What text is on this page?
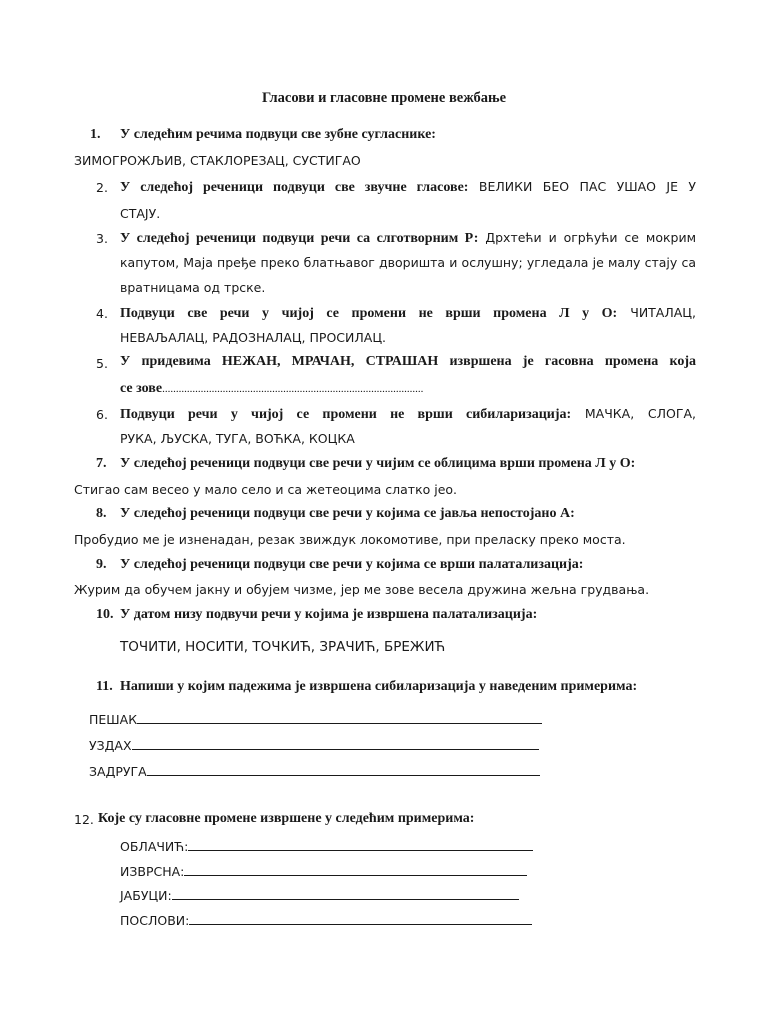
Гласови и гласовне промене вежбање
1. У следећим речима подвуци све зубне сугласнике:
ЗИМОГРОЖЉИВ, СТАКЛОРЕЗАЦ, СУСТИГАО
2. У следећој реченици подвуци све звучне гласове: ВЕЛИКИ БЕО ПАС УШАО ЈЕ У
СТАЈУ.
3. У следећој реченици подвуци речи са слготворним Р: Дрхтећи и огрћући се мокрим
капутом, Маја пређе преко блатњавог дворишта и ослушну; угледала је малу стају са
вратницама од трске.
4. Подвуци све речи у чијој се промени не врши промена Л у О: ЧИТАЛАЦ,
НЕВАЉАЛАЦ, РАДОЗНАЛАЦ, ПРОСИЛАЦ.
5. У придевима НЕЖАН, МРАЧАН, СТРАШАН извршена је гасовна промена која
се зове...............................................................................................
6. Подвуци речи у чијој се промени не врши сибиларизација: МАЧКА, СЛОГА,
РУКА, ЉУСКА, ТУГА, ВОЋКА, КОЦКА
7. У следећој реченици подвуци све речи у чијим се облицима врши промена Л у О:
Стигао сам весео у мало село и са жетеоцима слатко јео.
8. У следећој реченици подвуци све речи у којима се јавља непостојано А:
Пробудио ме је изненадан, резак звиждук локомотиве, при преласку преко моста.
9. У следећој реченици подвуци све речи у којима се врши палатализација:
Журим да обучем јакну и обујем чизме, јер ме зове весела дружина жељна грудвања.
10. У датом низу подвучи речи у којима је извршена палатализација:
ТОЧИТИ, НОСИТИ, ТОЧКИЋ, ЗРАЧИЋ, БРЕЖИЋ
11. Напиши у којим падежима је извршена сибиларизација у наведеним примерима:
ПЕШАК
УЗДАХ
ЗАДРУГА
12. Које су гласовне промене извршене у следећим примерима:
ОБЛАЧИЋ:
ИЗВРСНА:
ЈАБУЦИ:
ПОСЛОВИ:
